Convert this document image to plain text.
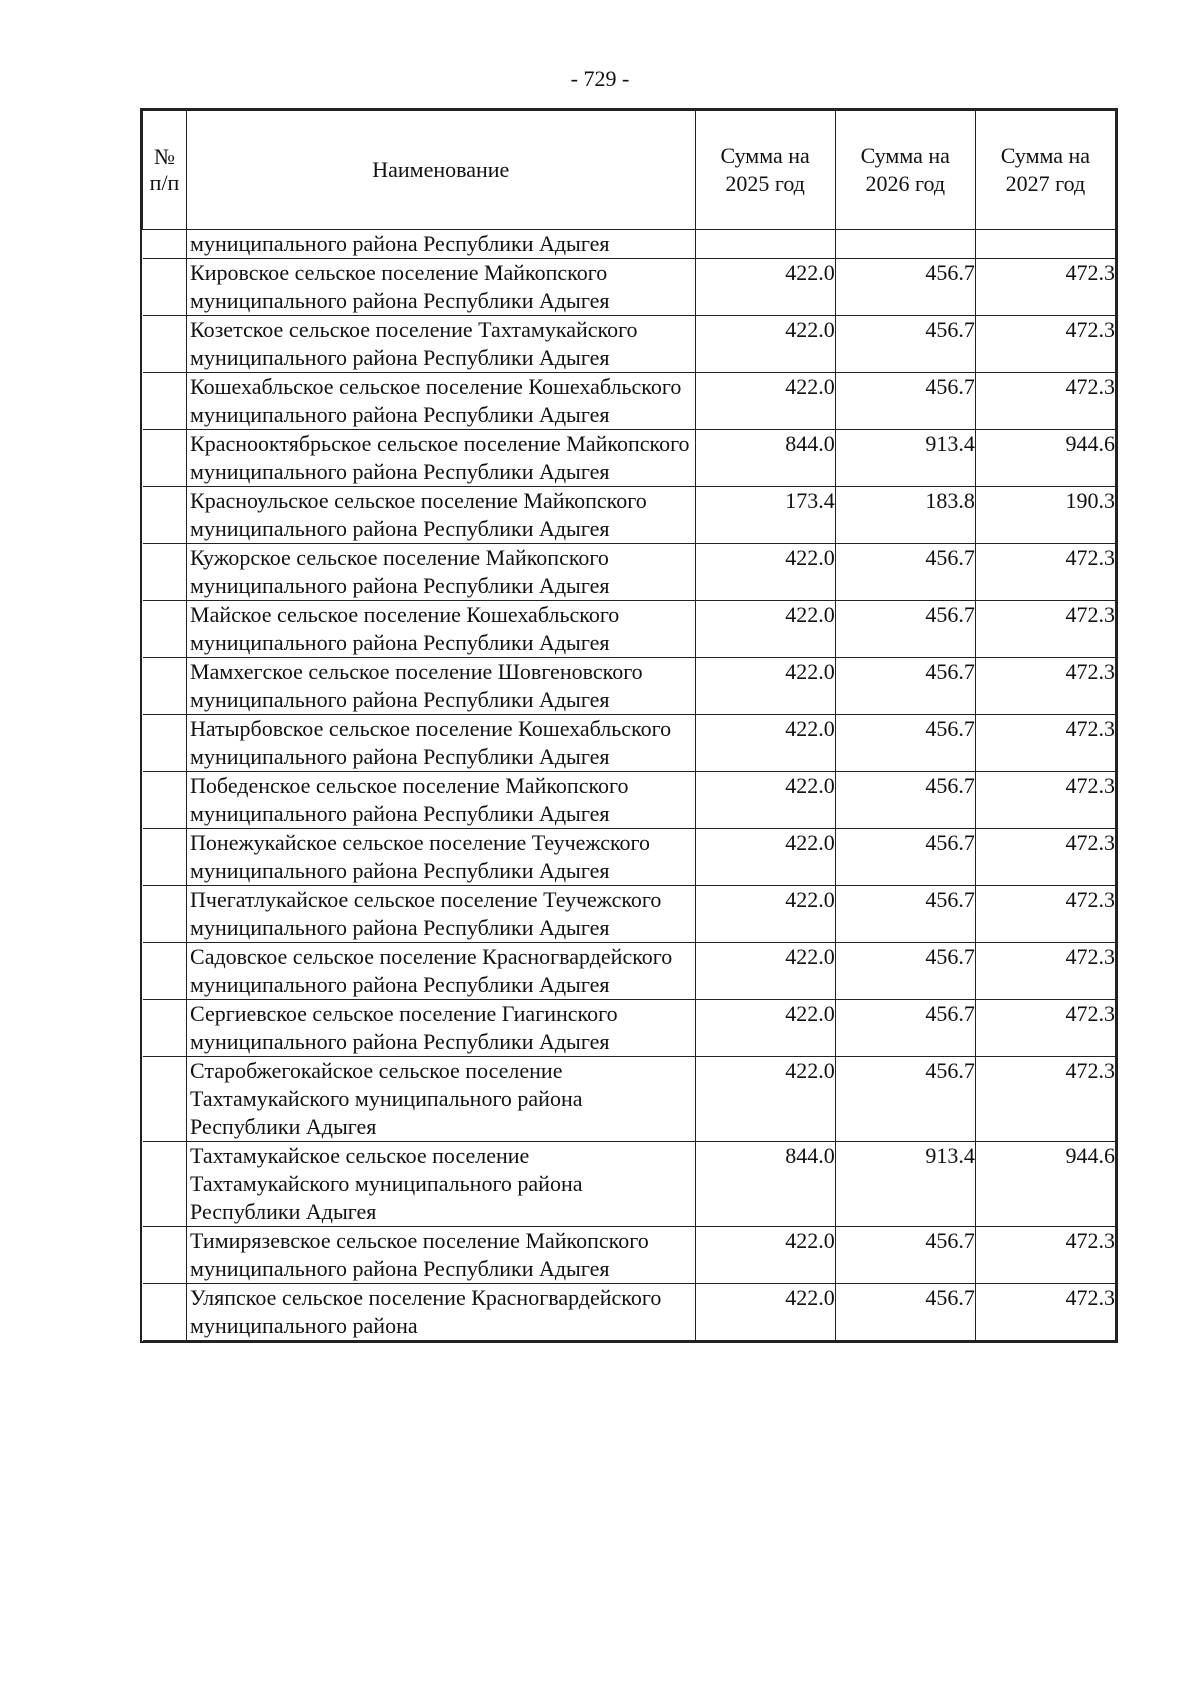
- 729 -
№ п/п	Наименование	Сумма на 2025 год	Сумма на 2026 год	Сумма на 2027 год
	муниципального района Республики Адыгея			
	Кировское сельское поселение Майкопского муниципального района Республики Адыгея	422.0	456.7	472.3
	Козетское сельское поселение Тахтамукайского муниципального района Республики Адыгея	422.0	456.7	472.3
	Кошехабльское сельское поселение Кошехабльского муниципального района Республики Адыгея	422.0	456.7	472.3
	Краснооктябрьское сельское поселение Майкопского муниципального района Республики Адыгея	844.0	913.4	944.6
	Красноульское сельское поселение Майкопского муниципального района Республики Адыгея	173.4	183.8	190.3
	Кужорское сельское поселение Майкопского муниципального района Республики Адыгея	422.0	456.7	472.3
	Майское сельское поселение Кошехабльского муниципального района Республики Адыгея	422.0	456.7	472.3
	Мамхегское сельское поселение Шовгеновского муниципального района Республики Адыгея	422.0	456.7	472.3
	Натырбовское сельское поселение Кошехабльского муниципального района Республики Адыгея	422.0	456.7	472.3
	Победенское сельское поселение Майкопского муниципального района Республики Адыгея	422.0	456.7	472.3
	Понежукайское сельское поселение Теучежского муниципального района Республики Адыгея	422.0	456.7	472.3
	Пчегатлукайское сельское поселение Теучежского муниципального района Республики Адыгея	422.0	456.7	472.3
	Садовское сельское поселение Красногвардейского муниципального района Республики Адыгея	422.0	456.7	472.3
	Сергиевское сельское поселение Гиагинского муниципального района Республики Адыгея	422.0	456.7	472.3
	Старобжегокайское сельское поселение Тахтамукайского муниципального района Республики Адыгея	422.0	456.7	472.3
	Тахтамукайское сельское поселение Тахтамукайского муниципального района Республики Адыгея	844.0	913.4	944.6
	Тимирязевское сельское поселение Майкопского муниципального района Республики Адыгея	422.0	456.7	472.3
	Уляпское сельское поселение Красногвардейского муниципального района	422.0	456.7	472.3
